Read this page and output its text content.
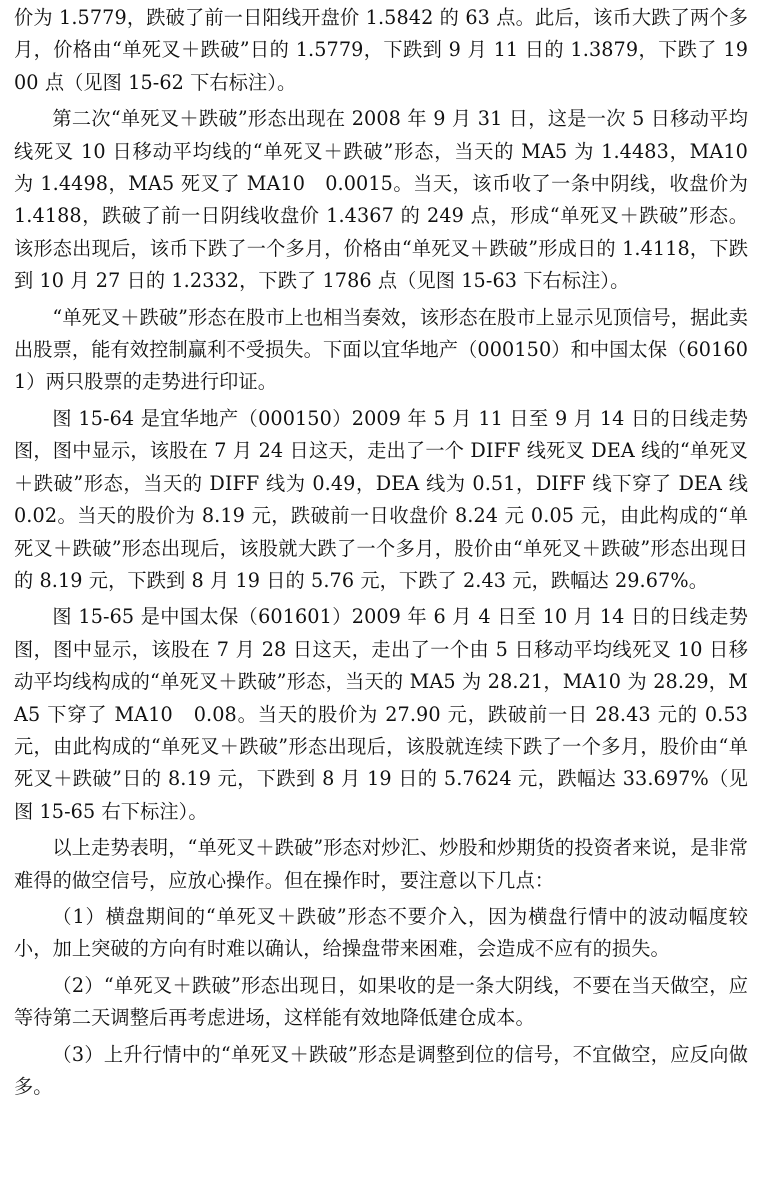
价为 1.5779，跌破了前一日阳线开盘价 1.5842 的 63 点。此后，该币大跌了两个多月，价格由“单死叉＋跌破”日的 1.5779，下跌到 9 月 11 日的 1.3879，下跌了 1900 点（见图 15-62 下右标注）。

第二次“单死叉＋跌破”形态出现在 2008 年 9 月 31 日，这是一次 5 日移动平均线死叉 10 日移动平均线的“单死叉＋跌破”形态，当天的 MA5 为 1.4483，MA10 为 1.4498，MA5 死叉了 MA10　0.0015。当天，该币收了一条中阴线，收盘价为 1.4188，跌破了前一日阴线收盘价 1.4367 的 249 点，形成“单死叉＋跌破”形态。该形态出现后，该币下跌了一个多月，价格由“单死叉＋跌破”形成日的 1.4118，下跌到 10 月 27 日的 1.2332，下跌了 1786 点（见图 15-63 下右标注）。

“单死叉＋跌破”形态在股市上也相当奏效，该形态在股市上显示见顶信号，据此卖出股票，能有效控制赢利不受损失。下面以宜华地产（000150）和中国太保（601601）两只股票的走势进行印证。

图 15-64 是宜华地产（000150）2009 年 5 月 11 日至 9 月 14 日的日线走势图，图中显示，该股在 7 月 24 日这天，走出了一个 DIFF 线死叉 DEA 线的“单死叉＋跌破”形态，当天的 DIFF 线为 0.49，DEA 线为 0.51，DIFF 线下穿了 DEA 线 0.02。当天的股价为 8.19 元，跌破前一日收盘价 8.24 元 0.05 元，由此构成的“单死叉＋跌破”形态出现后，该股就大跌了一个多月，股价由“单死叉＋跌破”形态出现日的 8.19 元，下跌到 8 月 19 日的 5.76 元，下跌了 2.43 元，跌幅达 29.67%。

图 15-65 是中国太保（601601）2009 年 6 月 4 日至 10 月 14 日的日线走势图，图中显示，该股在 7 月 28 日这天，走出了一个由 5 日移动平均线死叉 10 日移动平均线构成的“单死叉＋跌破”形态，当天的 MA5 为 28.21，MA10 为 28.29，MA5 下穿了 MA10　0.08。当天的股价为 27.90 元，跌破前一日 28.43 元的 0.53 元，由此构成的“单死叉＋跌破”形态出现后，该股就连续下跌了一个多月，股价由“单死叉＋跌破”日的 8.19 元，下跌到 8 月 19 日的 5.7624 元，跌幅达 33.697%（见图 15-65 右下标注）。

以上走势表明，“单死叉＋跌破”形态对炒汇、炒股和炒期货的投资者来说，是非常难得的做空信号，应放心操作。但在操作时，要注意以下几点：

（1）横盘期间的“单死叉＋跌破”形态不要介入，因为横盘行情中的波动幅度较小，加上突破的方向有时难以确认，给操盘带来困难，会造成不应有的损失。

（2）“单死叉＋跌破”形态出现日，如果收的是一条大阴线，不要在当天做空，应等待第二天调整后再考虑进场，这样能有效地降低建仓成本。

（3）上升行情中的“单死叉＋跌破”形态是调整到位的信号，不宜做空，应反向做多。
